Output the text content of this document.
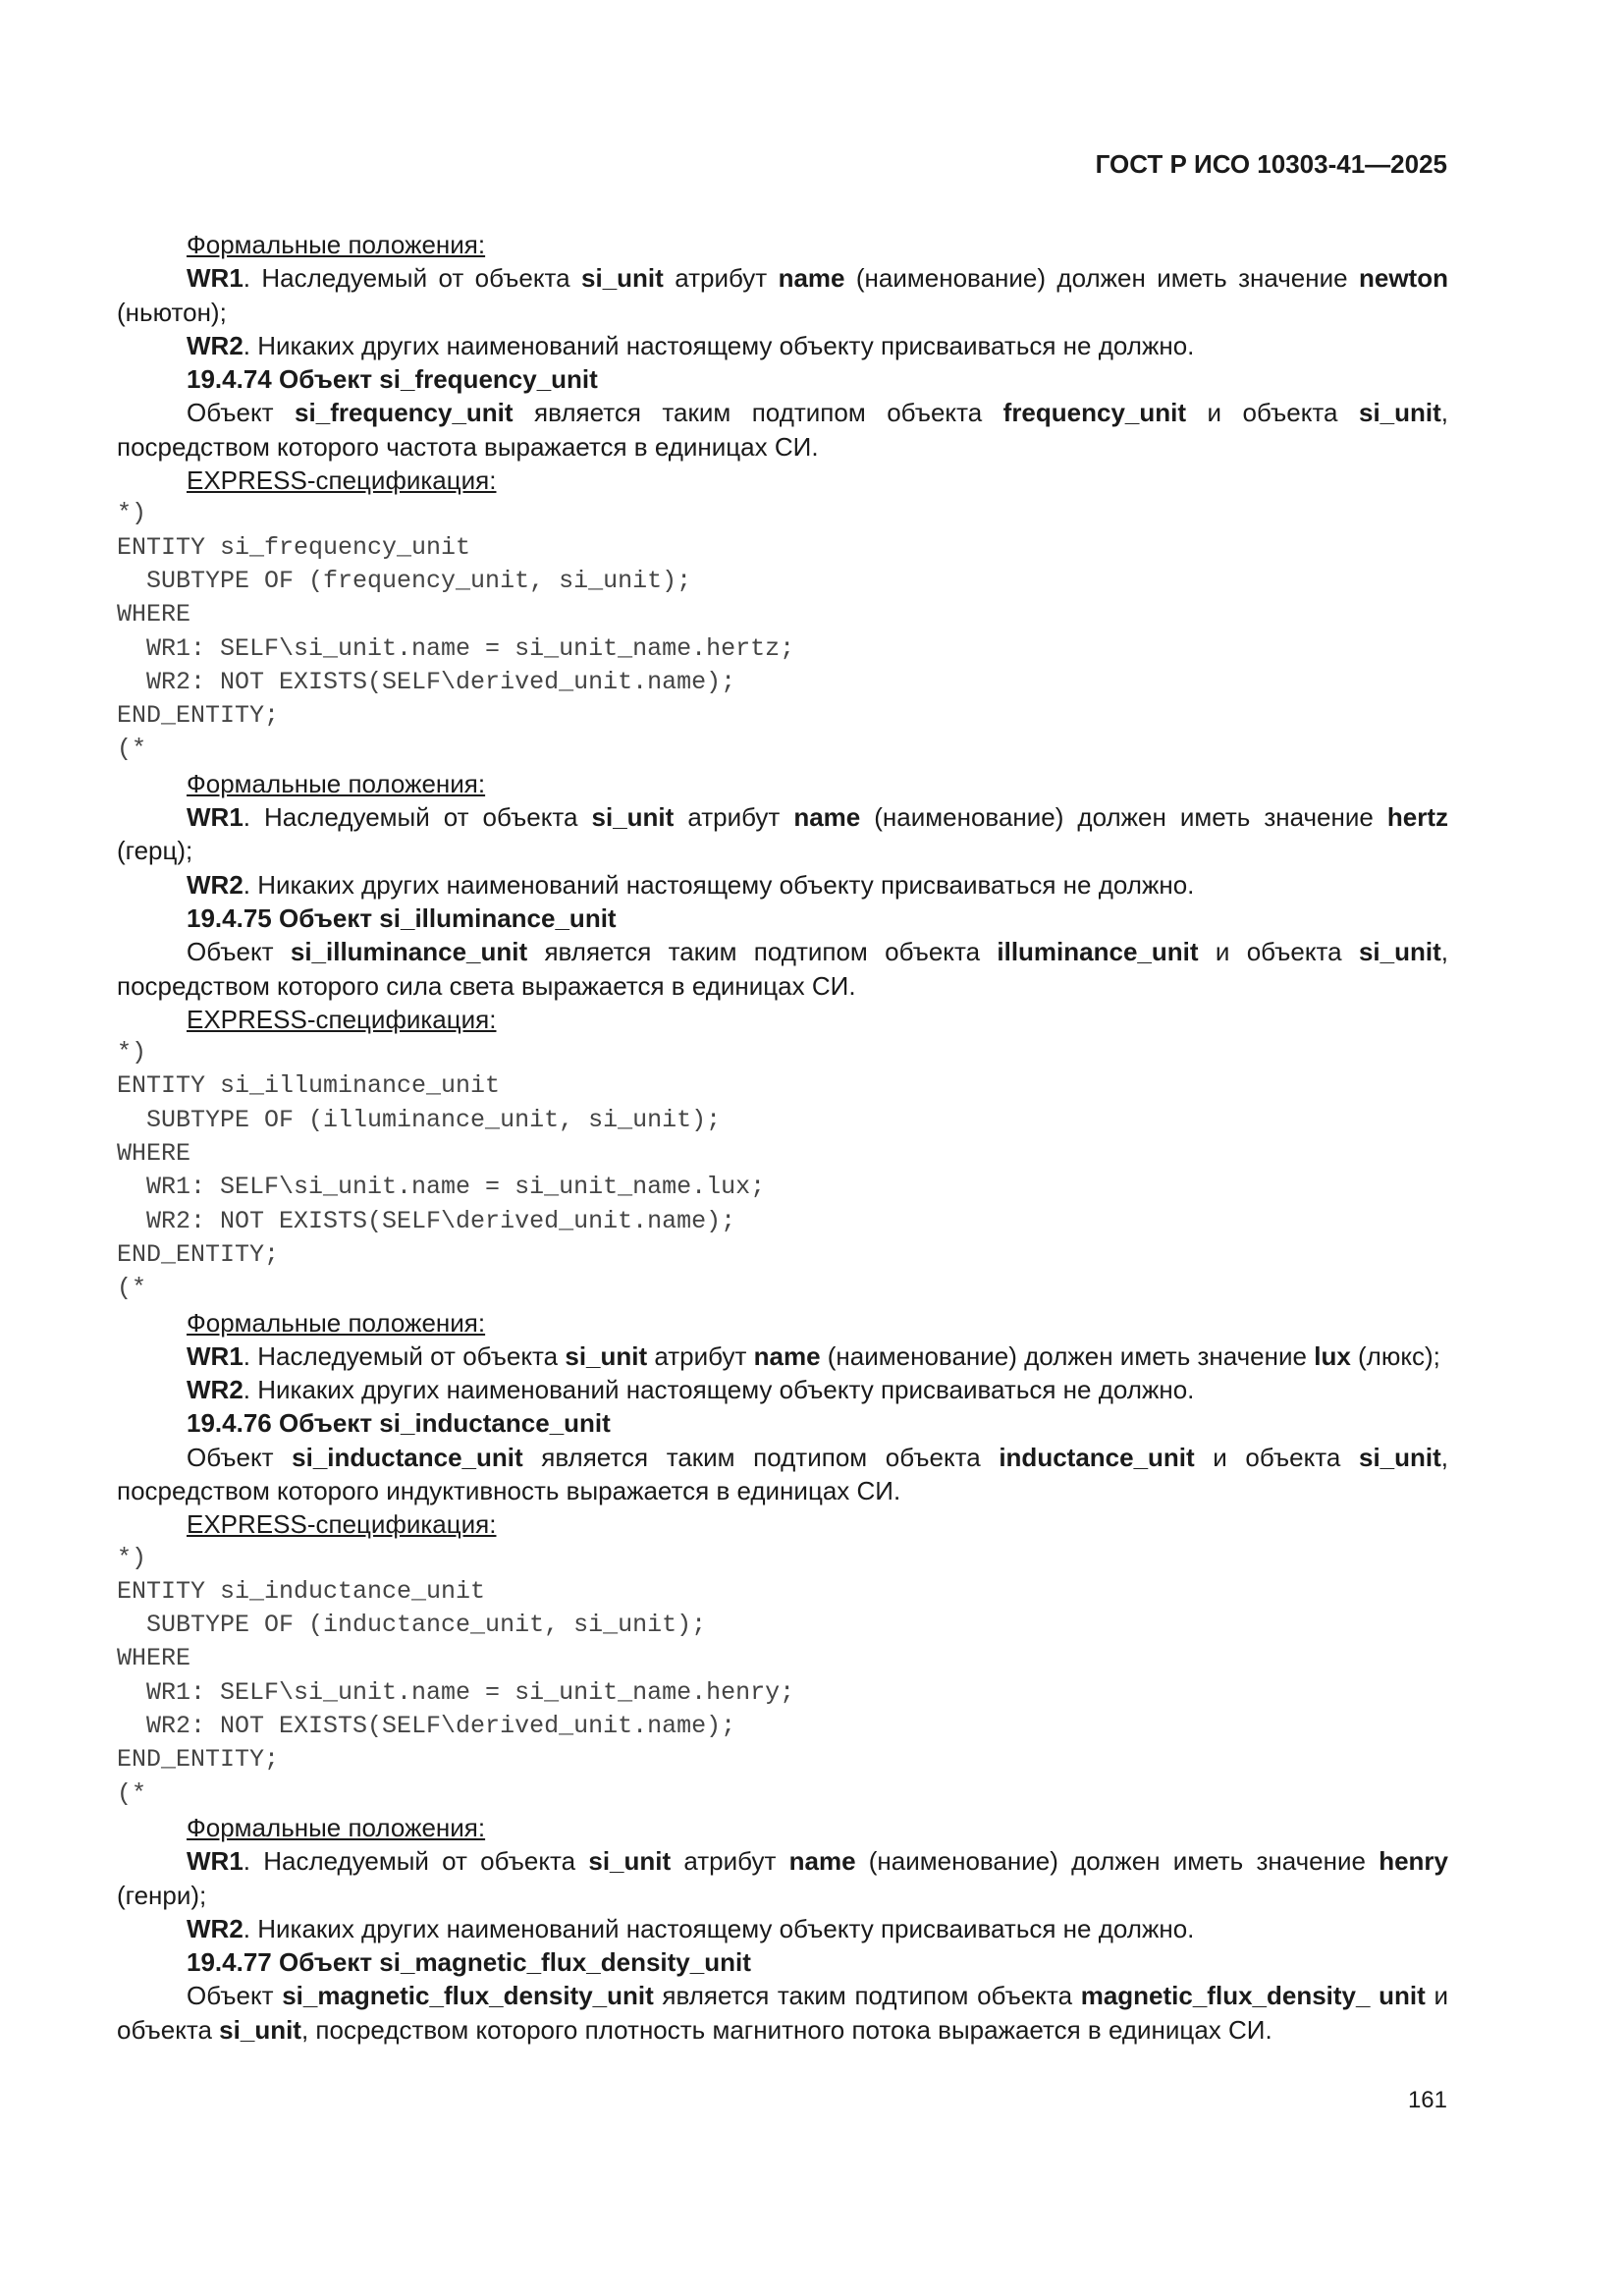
ГОСТ Р ИСО 10303-41—2025

Формальные положения:

WR1. Наследуемый от объекта si_unit атрибут name (наименование) должен иметь значение newton (ньютон);

WR2. Никаких других наименований настоящему объекту присваиваться не должно.

19.4.74 Объект si_frequency_unit

Объект si_frequency_unit является таким подтипом объекта frequency_unit и объекта si_unit, посредством которого частота выражается в единицах СИ.

EXPRESS-спецификация:

*)
ENTITY si_frequency_unit
SUBTYPE OF (frequency_unit, si_unit);
WHERE
WR1: SELF\si_unit.name = si_unit_name.hertz;
WR2: NOT EXISTS(SELF\derived_unit.name);
END_ENTITY;
(*

Формальные положения:

WR1. Наследуемый от объекта si_unit атрибут name (наименование) должен иметь значение hertz (герц);

WR2. Никаких других наименований настоящему объекту присваиваться не должно.

19.4.75 Объект si_illuminance_unit

Объект si_illuminance_unit является таким подтипом объекта illuminance_unit и объекта si_unit, посредством которого сила света выражается в единицах СИ.

EXPRESS-спецификация:

*)
ENTITY si_illuminance_unit
SUBTYPE OF (illuminance_unit, si_unit);
WHERE
WR1: SELF\si_unit.name = si_unit_name.lux;
WR2: NOT EXISTS(SELF\derived_unit.name);
END_ENTITY;
(*

Формальные положения:

WR1. Наследуемый от объекта si_unit атрибут name (наименование) должен иметь значение lux (люкс);

WR2. Никаких других наименований настоящему объекту присваиваться не должно.

19.4.76 Объект si_inductance_unit

Объект si_inductance_unit является таким подтипом объекта inductance_unit и объекта si_unit, посредством которого индуктивность выражается в единицах СИ.

EXPRESS-спецификация:

*)
ENTITY si_inductance_unit
SUBTYPE OF (inductance_unit, si_unit);
WHERE
WR1: SELF\si_unit.name = si_unit_name.henry;
WR2: NOT EXISTS(SELF\derived_unit.name);
END_ENTITY;
(*

Формальные положения:

WR1. Наследуемый от объекта si_unit атрибут name (наименование) должен иметь значение henry (генри);

WR2. Никаких других наименований настоящему объекту присваиваться не должно.

19.4.77 Объект si_magnetic_flux_density_unit

Объект si_magnetic_flux_density_unit является таким подтипом объекта magnetic_flux_density_ unit и объекта si_unit, посредством которого плотность магнитного потока выражается в единицах СИ.

161
